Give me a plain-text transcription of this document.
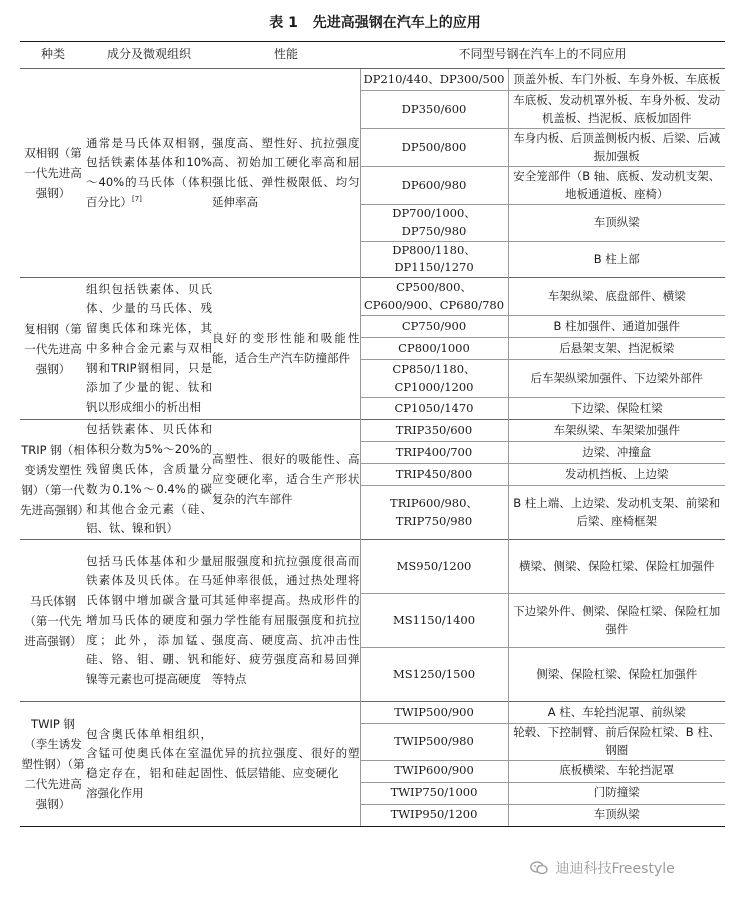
表 1 先进高强钢在汽车上的应用
种类	成分及微观组织	性能	不同型号钢在汽车上的不同应用	
双相钢（第一代先进高强钢）	通常是马氏体双相钢，包括铁素体基体和10%～40%的马氏体（体积百分比）[7]	强度高、塑性好、抗拉强度高、初始加工硬化率高和屈强比低、弹性极限低、均匀延伸率高	DP210/440、DP300/500	顶盖外板、车门外板、车身外板、车底板
			DP350/600	车底板、发动机罩外板、车身外板、发动机盖板、挡泥板、底板加固件
			DP500/800	车身内板、后顶盖侧板内板、后梁、后减振加强板
			DP600/980	安全笼部件（B 轴、底板、发动机支架、地板通道板、座椅）
			DP700/1000、DP750/980	车顶纵梁
			DP800/1180、DP1150/1270	B 柱上部
复相钢（第一代先进高强钢）	组织包括铁素体、贝氏体、少量的马氏体、残留奥氏体和珠光体，其中多种合金元素与双相钢和TRIP钢相同，只是添加了少量的铌、钛和钒以形成细小的析出相	良好的变形性能和吸能性能，适合生产汽车防撞部件	CP500/800、CP600/900、CP680/780	车架纵梁、底盘部件、横梁
			CP750/900	B 柱加强件、通道加强件
			CP800/1000	后悬架支架、挡泥板梁
			CP850/1180、CP1000/1200	后车架纵梁加强件、下边梁外部件
			CP1050/1470	下边梁、保险杠梁
TRIP 钢（相变诱发塑性钢）（第一代先进高强钢）	包括铁素体、贝氏体和体积分数为5%～20%的残留奥氏体，含质量分数为0.1%～0.4%的碳和其他合金元素（硅、铝、钛、镍和钒）	高塑性、很好的吸能性、高应变硬化率，适合生产形状复杂的汽车部件	TRIP350/600	车架纵梁、车架梁加强件
			TRIP400/700	边梁、冲撞盒
			TRIP450/800	发动机挡板、上边梁
			TRIP600/980、TRIP750/980	B 柱上端、上边梁、发动机支架、前梁和后梁、座椅框架
马氏体钢（第一代先进高强钢）	包括马氏体基体和少量铁素体及贝氏体。在马氏体钢中增加碳含量可增加马氏体的硬度和强度；此外，添加锰、硅、铬、钼、硼、钒和镍等元素也可提高硬度	屈服强度和抗拉强度很高而延伸率很低，通过热处理将其延伸率提高。热成形件的力学性能有屈服强度和抗拉强度高、硬度高、抗冲击性能好、疲劳强度高和易回弹等特点	MS950/1200	横梁、侧梁、保险杠梁、保险杠加强件
			MS1150/1400	下边梁外件、侧梁、保险杠梁、保险杠加强件
			MS1250/1500	侧梁、保险杠梁、保险杠加强件
TWIP 钢（孪生诱发塑性钢）（第二代先进高强钢）	包含奥氏体单相组织，含锰可使奥氏体在室温稳定存在，铝和硅起固溶强化作用	优异的抗拉强度、很好的塑性、低层错能、应变硬化	TWIP500/900	A 柱、车轮挡泥罩、前纵梁
			TWIP500/980	轮毂、下控制臂、前后保险杠梁、B 柱、钢圈
			TWIP600/900	底板横梁、车轮挡泥罩
			TWIP750/1000	门防撞梁
			TWIP950/1200	车顶纵梁
迪迪科技Freestyle
